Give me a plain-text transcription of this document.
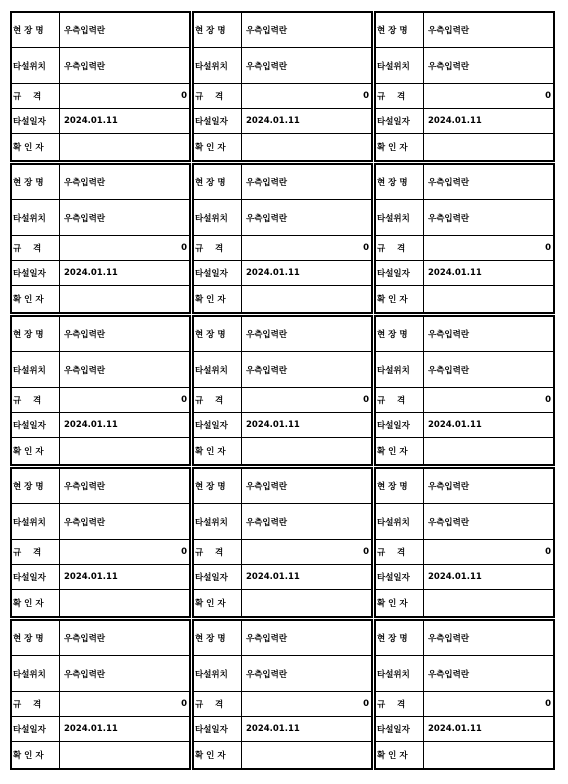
현 장 명	우측입력란
타설위치	우측입력란
규    격	0
타설일자	2024.01.11
확 인 자
현 장 명	우측입력란
타설위치	우측입력란
규    격	0
타설일자	2024.01.11
확 인 자
현 장 명	우측입력란
타설위치	우측입력란
규    격	0
타설일자	2024.01.11
확 인 자
현 장 명	우측입력란
타설위치	우측입력란
규    격	0
타설일자	2024.01.11
확 인 자
현 장 명	우측입력란
타설위치	우측입력란
규    격	0
타설일자	2024.01.11
확 인 자
현 장 명	우측입력란
타설위치	우측입력란
규    격	0
타설일자	2024.01.11
확 인 자
현 장 명	우측입력란
타설위치	우측입력란
규    격	0
타설일자	2024.01.11
확 인 자
현 장 명	우측입력란
타설위치	우측입력란
규    격	0
타설일자	2024.01.11
확 인 자
현 장 명	우측입력란
타설위치	우측입력란
규    격	0
타설일자	2024.01.11
확 인 자
현 장 명	우측입력란
타설위치	우측입력란
규    격	0
타설일자	2024.01.11
확 인 자
현 장 명	우측입력란
타설위치	우측입력란
규    격	0
타설일자	2024.01.11
확 인 자
현 장 명	우측입력란
타설위치	우측입력란
규    격	0
타설일자	2024.01.11
확 인 자
현 장 명	우측입력란
타설위치	우측입력란
규    격	0
타설일자	2024.01.11
확 인 자
현 장 명	우측입력란
타설위치	우측입력란
규    격	0
타설일자	2024.01.11
확 인 자
현 장 명	우측입력란
타설위치	우측입력란
규    격	0
타설일자	2024.01.11
확 인 자
